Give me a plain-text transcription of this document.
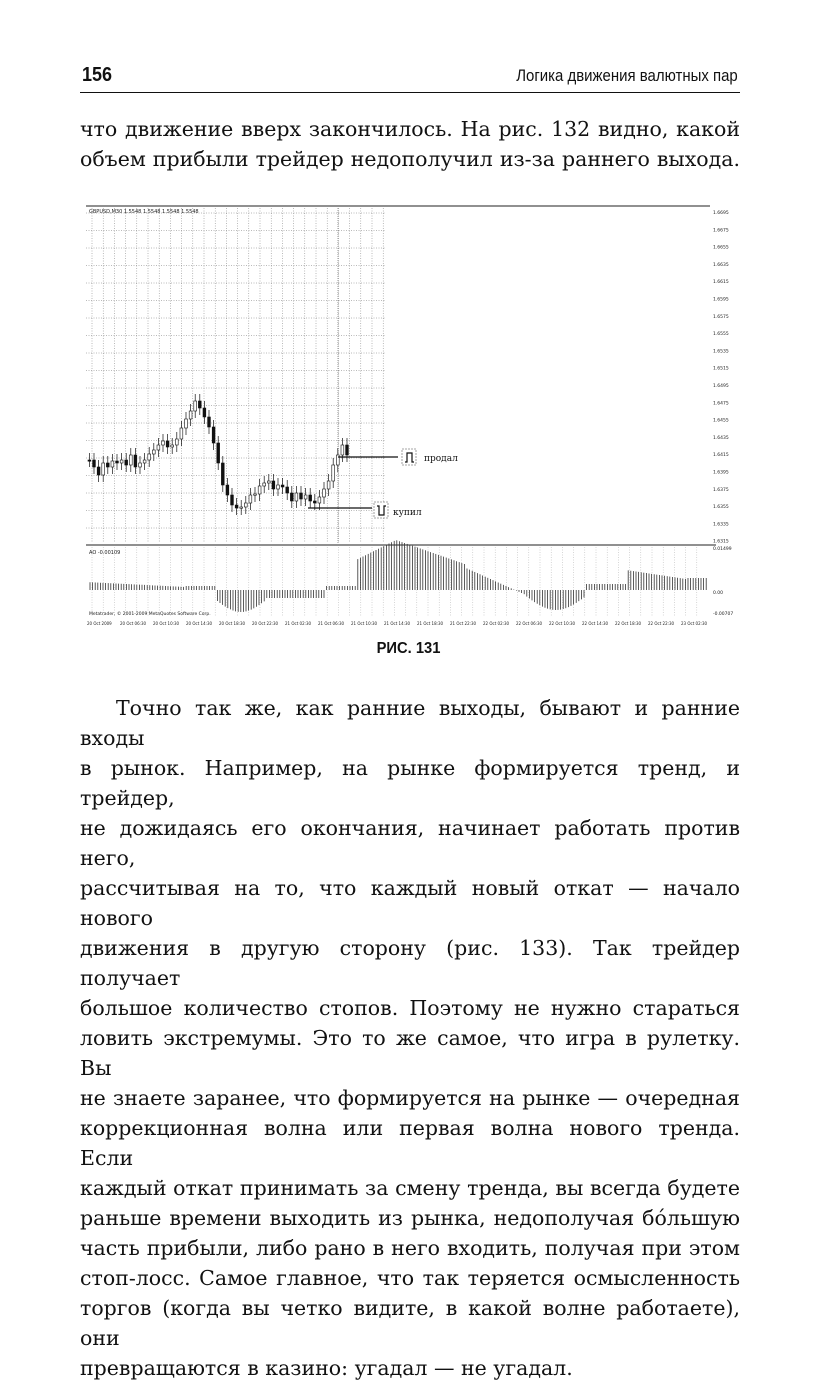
156	Логика движения валютных пар

что движение вверх закончилось. На рис. 132 видно, какой
объем прибыли трейдер недополучил из-за раннего выхода.

GBPUSD,M30 1.5548 1.5548 1.5548 1.5548
AO -0.00109
Metatrader, © 2001-2009 MetaQuotes Software Corp.
0.01499
0.00
-0.00707
1.6695
1.6675
1.6655
1.6635
1.6615
1.6595
1.6575
1.6555
1.6535
1.6515
1.6495
1.6475
1.6455
1.6435
1.6415
1.6395
1.6375
1.6355
1.6335
1.6315
20 Oct 2009 20 Oct 06:30 20 Oct 10:30 20 Oct 14:30 20 Oct 18:30 20 Oct 22:30 21 Oct 02:30 21 Oct 06:30 21 Oct 10:30 21 Oct 14:30 21 Oct 18:30 21 Oct 22:30 22 Oct 02:30 22 Oct 06:30 22 Oct 10:30 22 Oct 14:30 22 Oct 18:30 22 Oct 22:30 23 Oct 02:30
продал
купил
РИС. 131

Точно так же, как ранние выходы, бывают и ранние входы
в рынок. Например, на рынке формируется тренд, и трейдер,
не дожидаясь его окончания, начинает работать против него,
рассчитывая на то, что каждый новый откат — начало нового
движения в другую сторону (рис. 133). Так трейдер получает
большое количество стопов. Поэтому не нужно стараться
ловить экстремумы. Это то же самое, что игра в рулетку. Вы
не знаете заранее, что формируется на рынке — очередная
коррекционная волна или первая волна нового тренда. Если
каждый откат принимать за смену тренда, вы всегда будете
раньше времени выходить из рынка, недополучая бóльшую
часть прибыли, либо рано в него входить, получая при этом
стоп-лосс. Самое главное, что так теряется осмысленность
торгов (когда вы четко видите, в какой волне работаете), они
превращаются в казино: угадал — не угадал.
